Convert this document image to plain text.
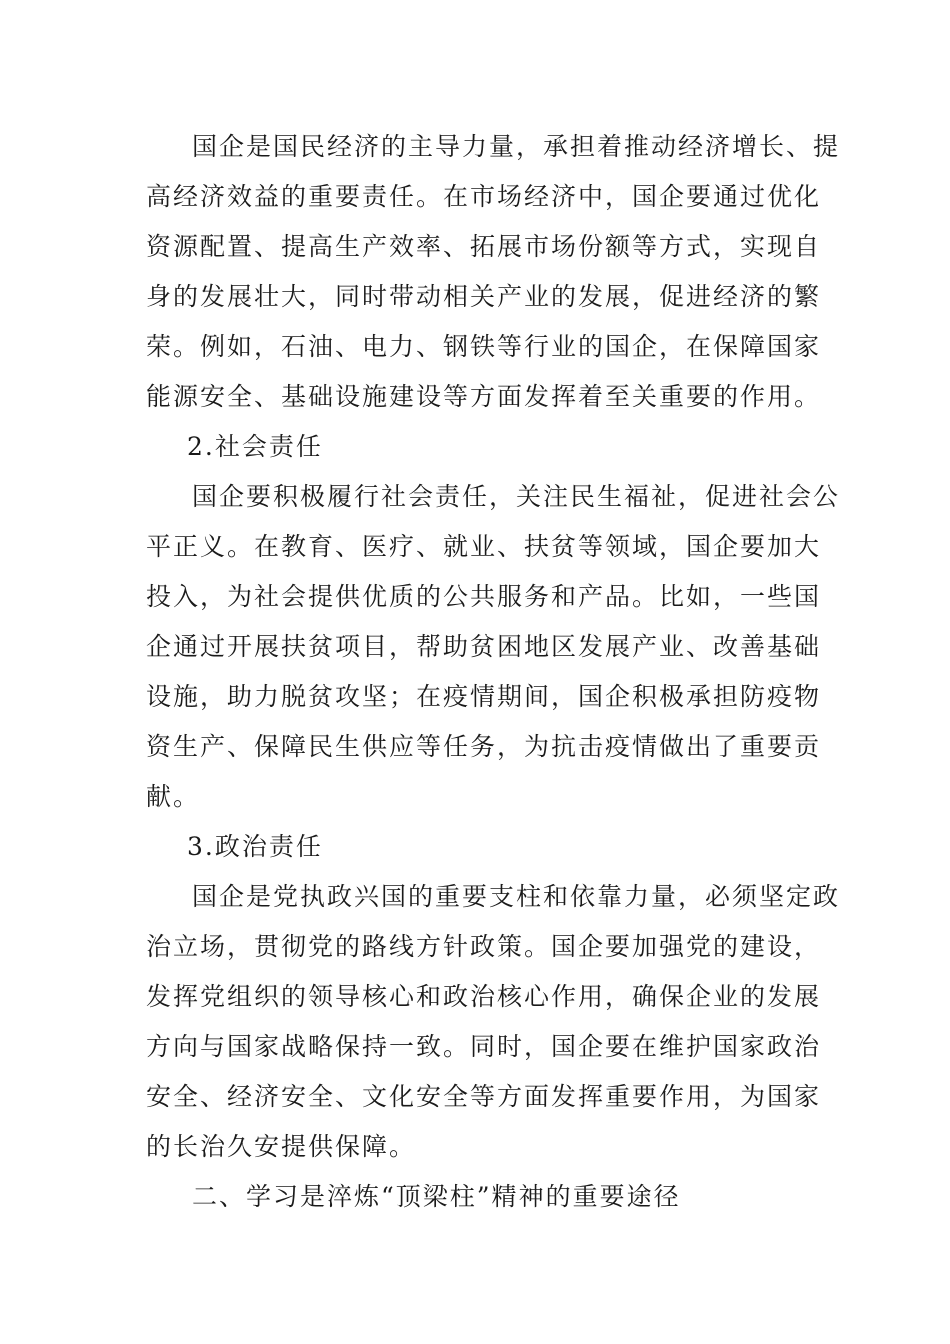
国企是国民经济的主导力量，承担着推动经济增长、提
高经济效益的重要责任。在市场经济中，国企要通过优化
资源配置、提高生产效率、拓展市场份额等方式，实现自
身的发展壮大，同时带动相关产业的发展，促进经济的繁
荣。例如，石油、电力、钢铁等行业的国企，在保障国家
能源安全、基础设施建设等方面发挥着至关重要的作用。
2.社会责任
国企要积极履行社会责任，关注民生福祉，促进社会公
平正义。在教育、医疗、就业、扶贫等领域，国企要加大
投入，为社会提供优质的公共服务和产品。比如，一些国
企通过开展扶贫项目，帮助贫困地区发展产业、改善基础
设施，助力脱贫攻坚；在疫情期间，国企积极承担防疫物
资生产、保障民生供应等任务，为抗击疫情做出了重要贡
献。
3.政治责任
国企是党执政兴国的重要支柱和依靠力量，必须坚定政
治立场，贯彻党的路线方针政策。国企要加强党的建设，
发挥党组织的领导核心和政治核心作用，确保企业的发展
方向与国家战略保持一致。同时，国企要在维护国家政治
安全、经济安全、文化安全等方面发挥重要作用，为国家
的长治久安提供保障。
二、学习是淬炼“顶梁柱”精神的重要途径
